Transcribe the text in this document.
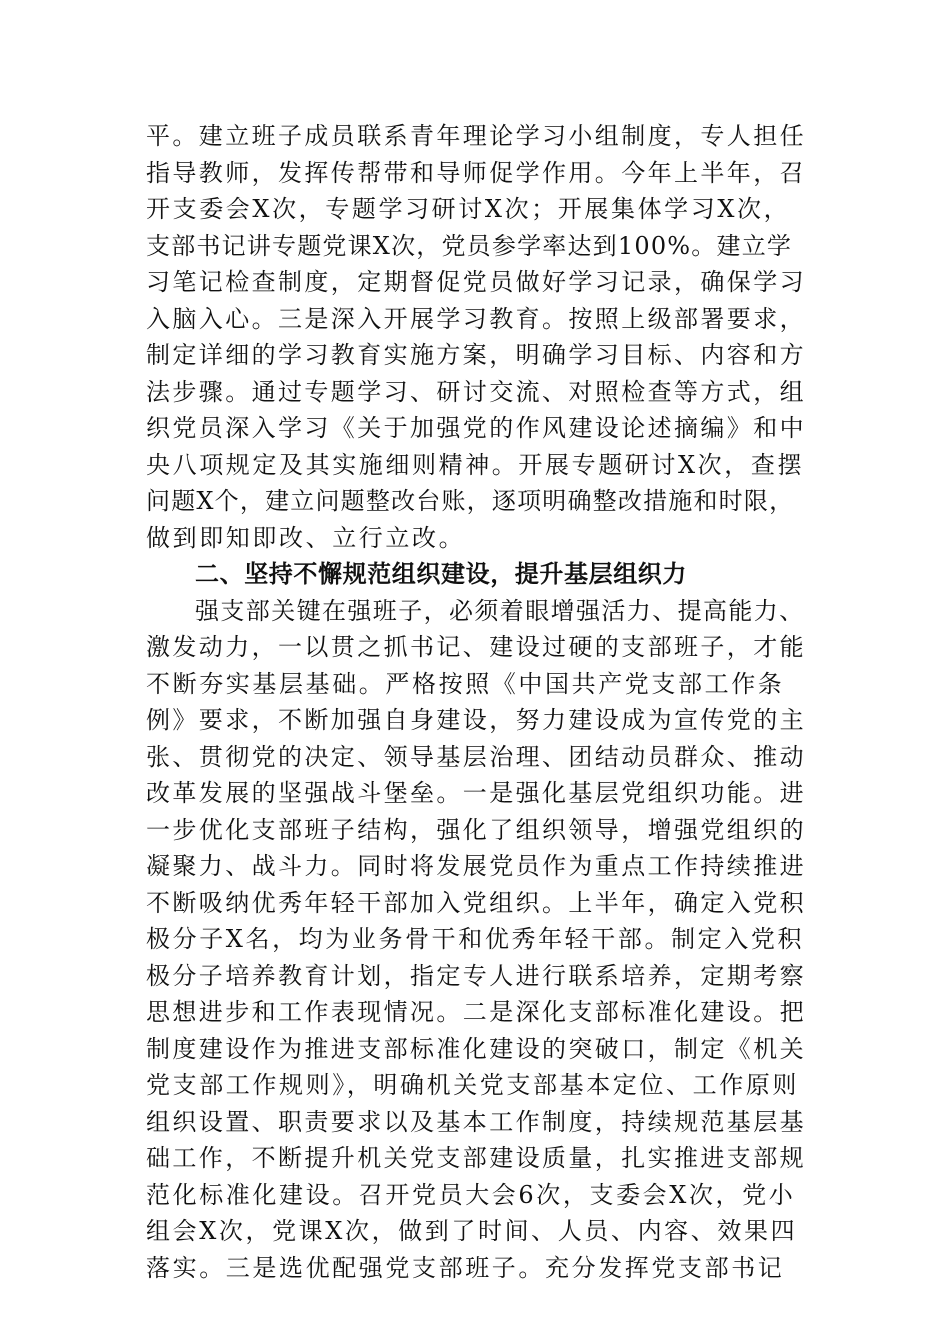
平。建立班子成员联系青年理论学习小组制度，专人担任
指导教师，发挥传帮带和导师促学作用。今年上半年，召
开支委会X次，专题学习研讨X次；开展集体学习X次，
支部书记讲专题党课X次，党员参学率达到100%。建立学
习笔记检查制度，定期督促党员做好学习记录，确保学习
入脑入心。三是深入开展学习教育。按照上级部署要求，
制定详细的学习教育实施方案，明确学习目标、内容和方
法步骤。通过专题学习、研讨交流、对照检查等方式，组
织党员深入学习《关于加强党的作风建设论述摘编》和中
央八项规定及其实施细则精神。开展专题研讨X次，查摆
问题X个，建立问题整改台账，逐项明确整改措施和时限，
做到即知即改、立行立改。
二、坚持不懈规范组织建设，提升基层组织力
强支部关键在强班子，必须着眼增强活力、提高能力、
激发动力，一以贯之抓书记、建设过硬的支部班子，才能
不断夯实基层基础。严格按照《中国共产党支部工作条
例》要求，不断加强自身建设，努力建设成为宣传党的主
张、贯彻党的决定、领导基层治理、团结动员群众、推动
改革发展的坚强战斗堡垒。一是强化基层党组织功能。进
一步优化支部班子结构，强化了组织领导，增强党组织的
凝聚力、战斗力。同时将发展党员作为重点工作持续推进
不断吸纳优秀年轻干部加入党组织。上半年，确定入党积
极分子X名，均为业务骨干和优秀年轻干部。制定入党积
极分子培养教育计划，指定专人进行联系培养，定期考察
思想进步和工作表现情况。二是深化支部标准化建设。把
制度建设作为推进支部标准化建设的突破口，制定《机关
党支部工作规则》，明确机关党支部基本定位、工作原则
组织设置、职责要求以及基本工作制度，持续规范基层基
础工作，不断提升机关党支部建设质量，扎实推进支部规
范化标准化建设。召开党员大会6次，支委会X次，党小
组会X次，党课X次，做到了时间、人员、内容、效果四
落实。三是选优配强党支部班子。充分发挥党支部书记
